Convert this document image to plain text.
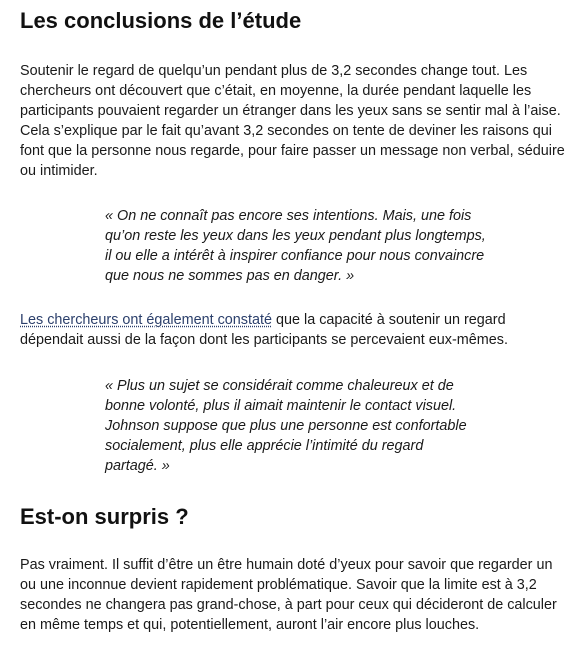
Les conclusions de l’étude

Soutenir le regard de quelqu’un pendant plus de 3,2 secondes change tout. Les chercheurs ont découvert que c’était, en moyenne, la durée pendant laquelle les participants pouvaient regarder un étranger dans les yeux sans se sentir mal à l’aise. Cela s’explique par le fait qu’avant 3,2 secondes on tente de deviner les raisons qui font que la personne nous regarde, pour faire passer un message non verbal, séduire ou intimider.

« On ne connaît pas encore ses intentions. Mais, une fois qu’on reste les yeux dans les yeux pendant plus longtemps, il ou elle a intérêt à inspirer confiance pour nous convaincre que nous ne sommes pas en danger. »

Les chercheurs ont également constaté que la capacité à soutenir un regard dépendait aussi de la façon dont les participants se percevaient eux-mêmes.

« Plus un sujet se considérait comme chaleureux et de
bonne volonté, plus il aimait maintenir le contact visuel.
Johnson suppose que plus une personne est confortable
socialement, plus elle apprécie l’intimité du regard
partagé. »
Est-on surpris ?

Pas vraiment. Il suffit d’être un être humain doté d’yeux pour savoir que regarder un ou une inconnue devient rapidement problématique. Savoir que la limite est à 3,2 secondes ne changera pas grand-chose, à part pour ceux qui décideront de calculer en même temps et qui, potentiellement, auront l’air encore plus louches.
